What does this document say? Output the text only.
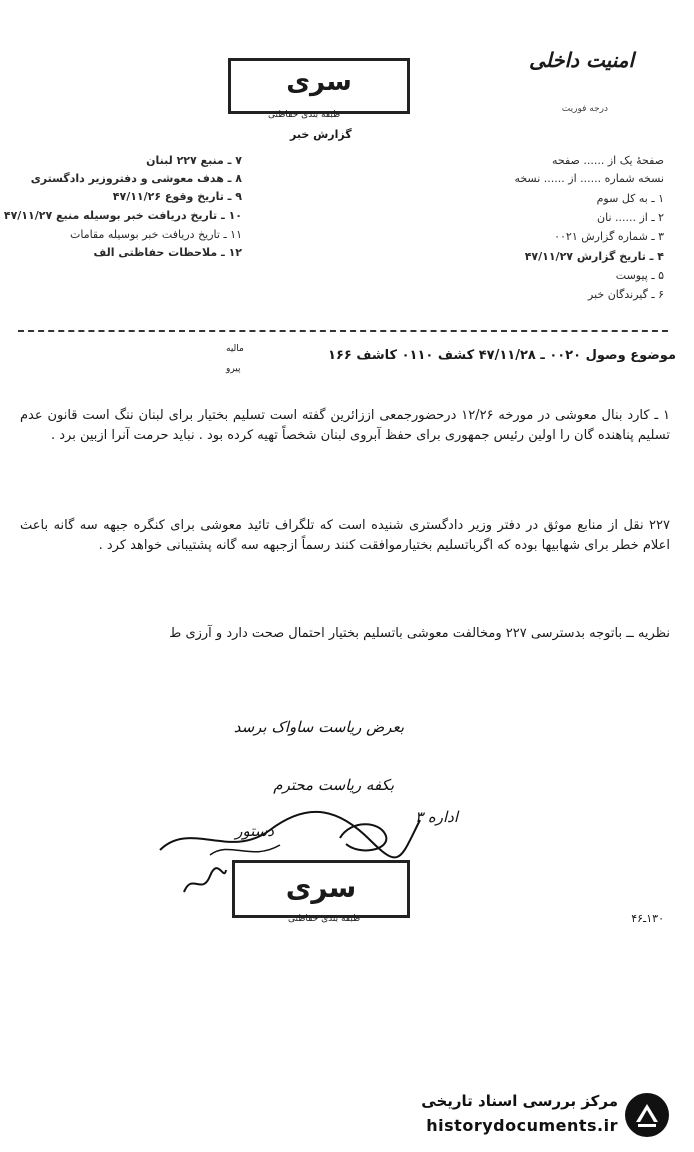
امنیت داخلی
درجه فوریت
سری
طبقه بندی حفاظتی
گزارش خبر
صفحهٔ یک از ...... صفحه
نسخه شماره ...... از ...... نسخه
۱ ـ به کل سوم
۲ ـ از ...... نان
۳ ـ شماره گزارش ۰۰۲۱
۴ ـ تاریخ گزارش ۴۷/۱۱/۲۷
۵ ـ پیوست
۶ ـ گیرندگان خبر
۷ ـ منبع ۲۲۷ لبنان
۸ ـ هدف معوشی و دفتروزیر دادگستری
۹ ـ تاریخ وقوع ۴۷/۱۱/۲۶
۱۰ ـ تاریخ دریافت خبر بوسیله منبع ۴۷/۱۱/۲۷
۱۱ ـ تاریخ دریافت خبر بوسیله مقامات
۱۲ ـ ملاحظات حفاظتی الف
موضوع وصول ۰۰۲۰ ـ ۴۷/۱۱/۲۸ کشف ۰۱۱۰ کاشف ۱۶۶
مالیه
پیرو
۱ ـ کارد بنال معوشی در مورخه ۱۲/۲۶ درحضورجمعی اززائرین گفته است تسلیم بختیار برای لبنان ننگ است قانون عدم تسلیم پناهنده گان را اولین رئیس جمهوری برای حفظ آبروی لبنان شخصاً تهیه کرده بود . نباید حرمت آنرا ازبین برد .
۲۲۷ نقل از منابع موثق در دفتر وزیر دادگستری شنیده است که تلگراف تائید معوشی برای کنگره جبهه سه گانه باعث اعلام خطر برای شهابیها بوده که اگرباتسلیم بختیارموافقت کنند رسماً ازجبهه سه گانه پشتیبانی خواهد کرد .
نظریه ــ باتوجه بدسترسی ۲۲۷ ومخالفت معوشی باتسلیم بختیار احتمال صحت دارد و آرزی ط
بعرض ریاست ساواک برسد
بکفه ریاست محترم
اداره ۳
دستور
سری
طبقه بندی حفاظتی	۱۳۰ـ۴۶
مرکز بررسی اسناد تاریخی
historydocuments.ir
